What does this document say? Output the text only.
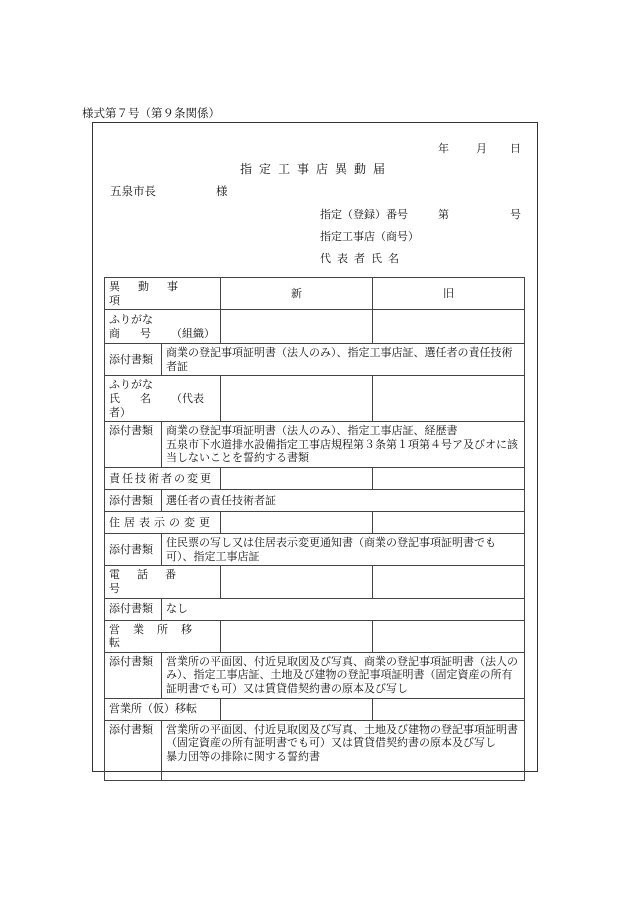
様式第７号（第９条関係）
年 月 日
指定工事店異動届
五泉市長	様
指定（登録）番号	第	号
指定工事店（商号）
代表者氏名
異動事項		新	旧

ふりがな
商号（組織）			

添付書類	商業の登記事項証明書（法人のみ）、指定工事店証、選任者の責任技術者証		

ふりがな
氏名（代表者）			

添付書類	商業の登記事項証明書（法人のみ）、指定工事店証、経歴書
五泉市下水道排水設備指定工事店規程第３条第１項第４号ア及びオに該当しないことを誓約する書類		

責任技術者の変更			
添付書類	選任者の責任技術者証		
住居表示の変更			
添付書類	住民票の写し又は住居表示変更通知書（商業の登記事項証明書でも可）、指定工事店証		
電話番号			
添付書類	なし		
営業所移転			
添付書類	営業所の平面図、付近見取図及び写真、商業の登記事項証明書（法人のみ）、指定工事店証、土地及び建物の登記事項証明書（固定資産の所有証明書でも可）又は賃貸借契約書の原本及び写し		
営業所（仮）移転			
添付書類	営業所の平面図、付近見取図及び写真、土地及び建物の登記事項証明書（固定資産の所有証明書でも可）又は賃貸借契約書の原本及び写し
暴力団等の排除に関する誓約書		
